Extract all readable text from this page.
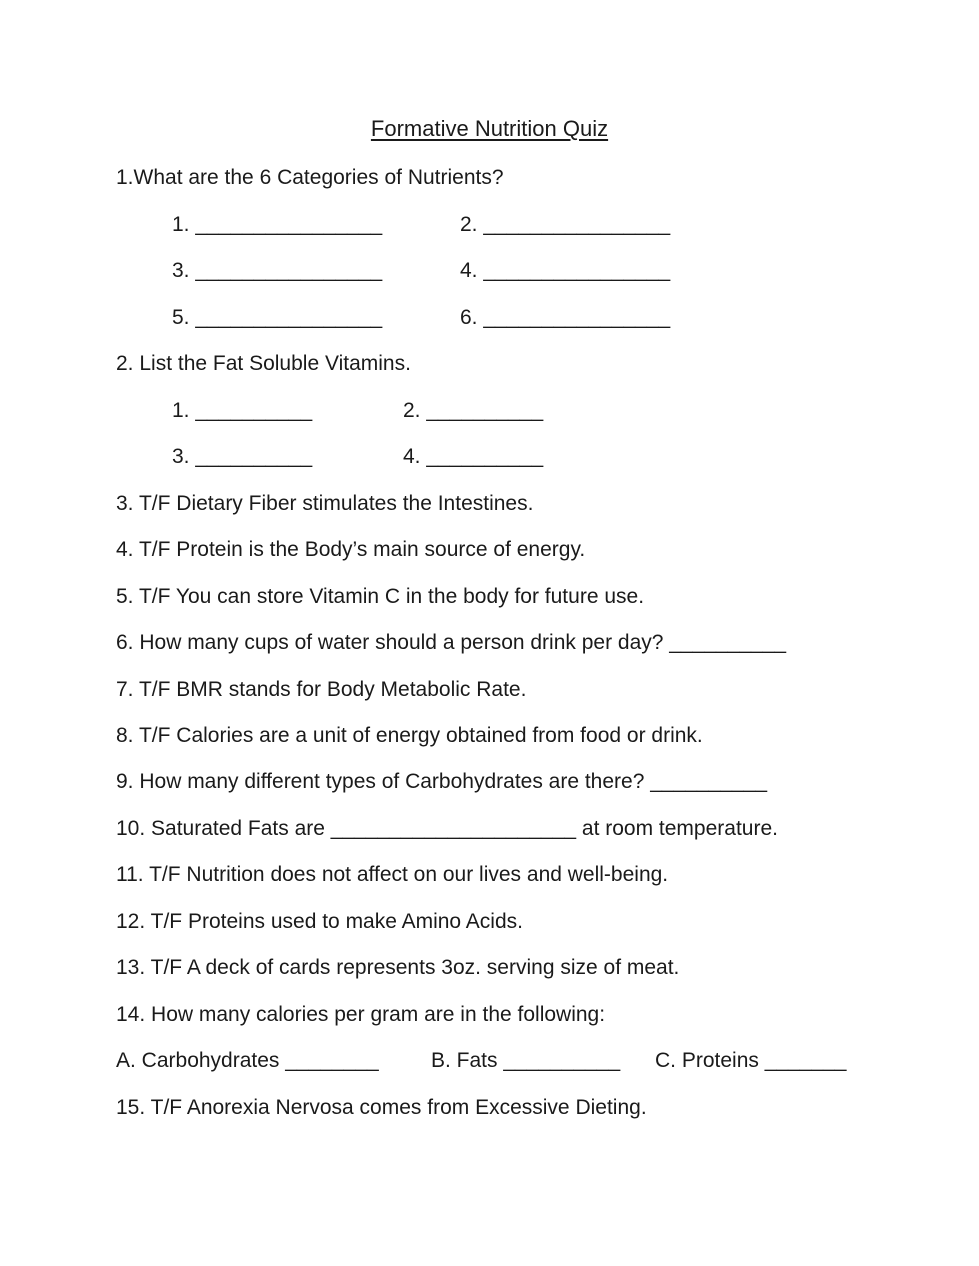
Formative Nutrition Quiz
1.What are the 6 Categories of Nutrients?
1. ________________	2. ________________
3. ________________	4. ________________
5. ________________	6. ________________
2. List the Fat Soluble Vitamins.
1. __________	2. __________
3. __________	4. __________
3. T/F Dietary Fiber stimulates the Intestines.
4. T/F Protein is the Body’s main source of energy.
5. T/F You can store Vitamin C in the body for future use.
6. How many cups of water should a person drink per day? __________
7. T/F BMR stands for Body Metabolic Rate.
8. T/F Calories are a unit of energy obtained from food or drink.
9. How many different types of Carbohydrates are there? __________
10. Saturated Fats are _____________________ at room temperature.
11. T/F Nutrition does not affect on our lives and well-being.
12. T/F Proteins used to make Amino Acids.
13. T/F A deck of cards represents 3oz. serving size of meat.
14. How many calories per gram are in the following:
A. Carbohydrates ________ B. Fats __________ C. Proteins _______
15. T/F Anorexia Nervosa comes from Excessive Dieting.
